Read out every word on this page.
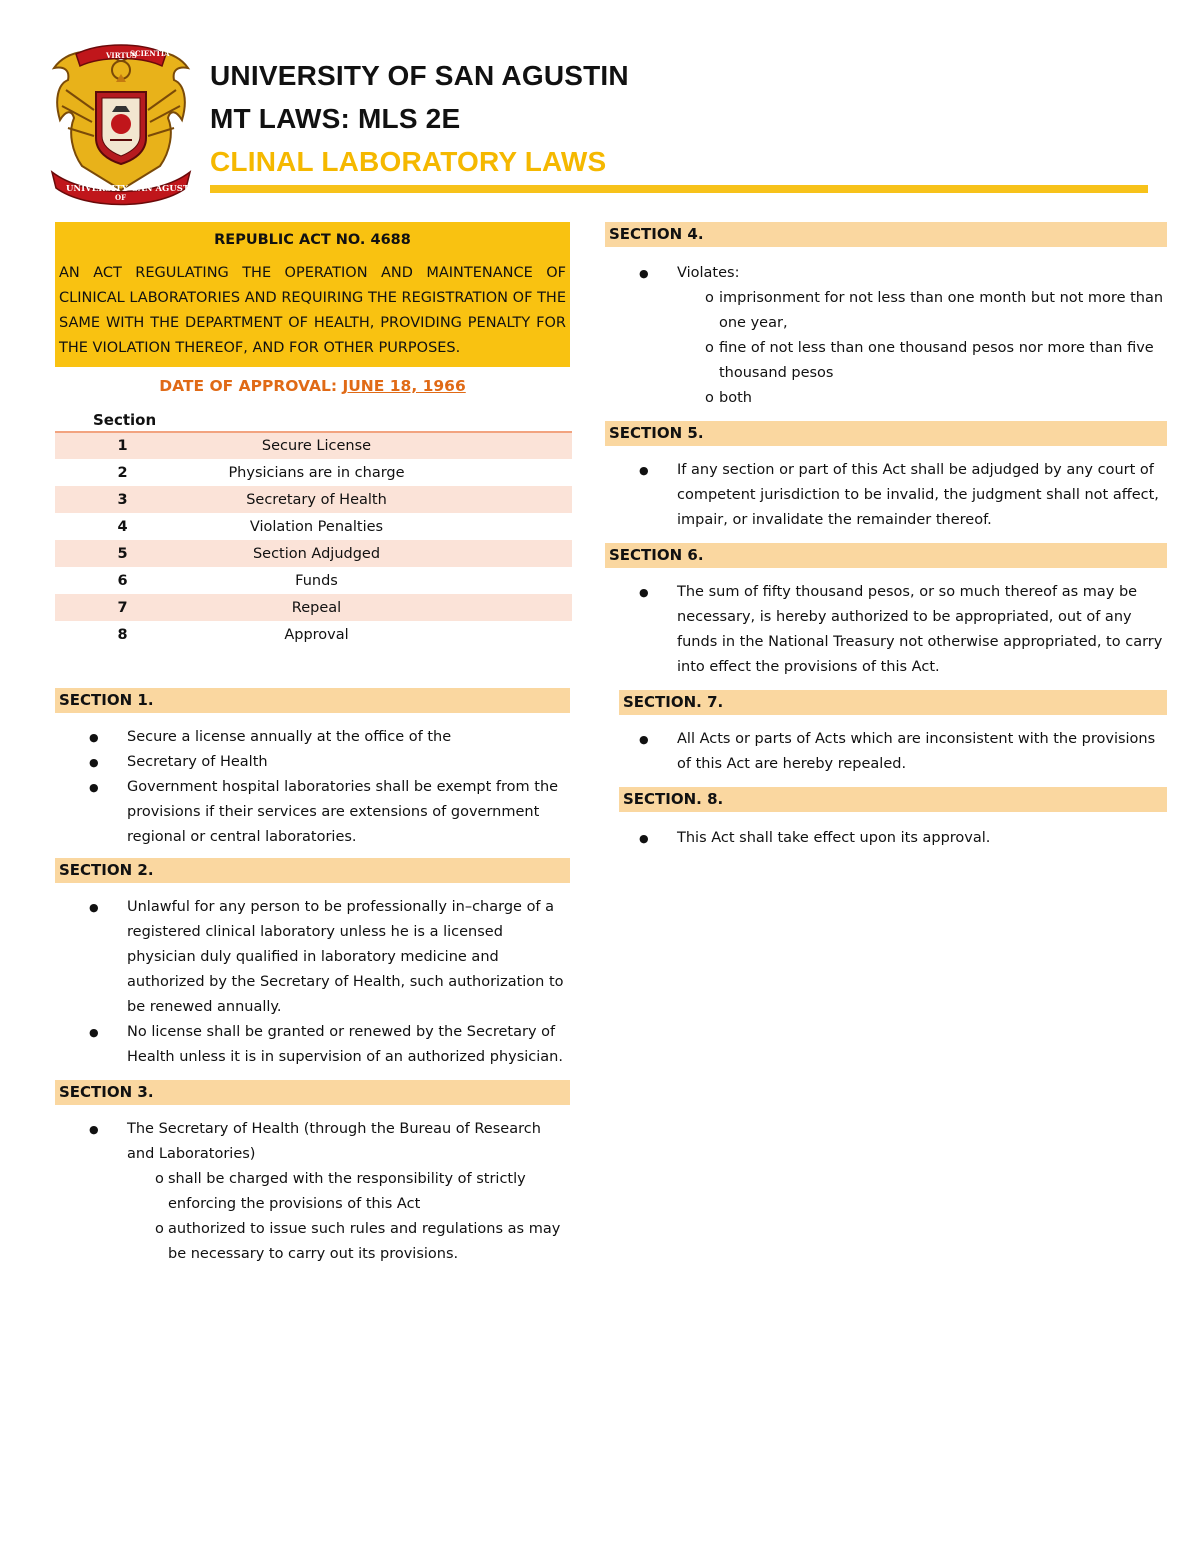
VIRTUS
SCIENTIA
UNIVERSITY
OF
SAN AGUSTIN
UNIVERSITY OF SAN AGUSTIN
MT LAWS: MLS 2E
CLINAL LABORATORY LAWS
REPUBLIC ACT NO. 4688
AN ACT REGULATING THE OPERATION AND MAINTENANCE OF CLINICAL LABORATORIES AND REQUIRING THE REGISTRATION OF THE SAME WITH THE DEPARTMENT OF HEALTH, PROVIDING PENALTY FOR THE VIOLATION THEREOF, AND FOR OTHER PURPOSES.
DATE OF APPROVAL: JUNE 18, 1966
Section
1	Secure License
2	Physicians are in charge
3	Secretary of Health
4	Violation Penalties
5	Section Adjudged
6	Funds
7	Repeal
8	Approval
SECTION 1.
● Secure a license annually at the office of the
● Secretary of Health
● Government hospital laboratories shall be exempt from the provisions if their services are extensions of government regional or central laboratories.
SECTION 2.
● Unlawful for any person to be professionally in–charge of a registered clinical laboratory unless he is a licensed physician duly qualified in laboratory medicine and authorized by the Secretary of Health, such authorization to be renewed annually.
● No license shall be granted or renewed by the Secretary of Health unless it is in supervision of an authorized physician.
SECTION 3.
● The Secretary of Health (through the Bureau of Research and Laboratories)
o shall be charged with the responsibility of strictly enforcing the provisions of this Act
o authorized to issue such rules and regulations as may be necessary to carry out its provisions.
SECTION 4.
● Violates:
o imprisonment for not less than one month but not more than one year,
o fine of not less than one thousand pesos nor more than five thousand pesos
o both
SECTION 5.
● If any section or part of this Act shall be adjudged by any court of competent jurisdiction to be invalid, the judgment shall not affect, impair, or invalidate the remainder thereof.
SECTION 6.
● The sum of fifty thousand pesos, or so much thereof as may be necessary, is hereby authorized to be appropriated, out of any funds in the National Treasury not otherwise appropriated, to carry into effect the provisions of this Act.
SECTION. 7.
● All Acts or parts of Acts which are inconsistent with the provisions of this Act are hereby repealed.
SECTION. 8.
● This Act shall take effect upon its approval.
